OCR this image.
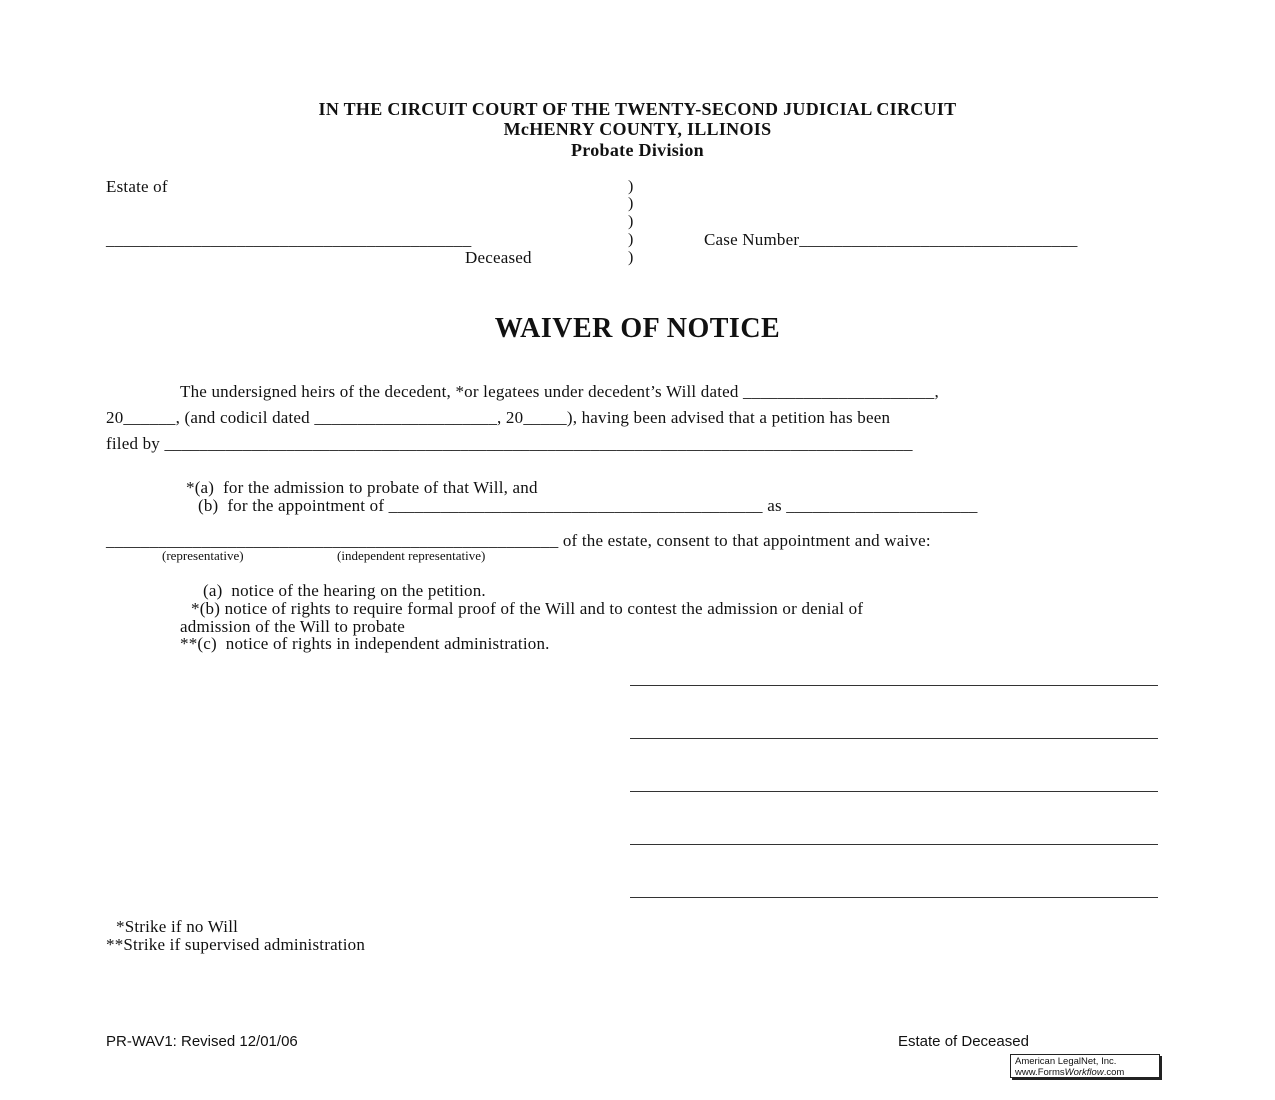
IN THE CIRCUIT COURT OF THE TWENTY-SECOND JUDICIAL CIRCUIT
McHENRY COUNTY, ILLINOIS
Probate Division
Estate of
__________________________________________
Deceased
)
)
)
)
)
Case Number________________________________
WAIVER OF NOTICE
The undersigned heirs of the decedent, *or legatees under decedent’s Will dated ______________________,
20______, (and codicil dated _____________________, 20_____), having been advised that a petition has been
filed by ______________________________________________________________________________________
*(a)  for the admission to probate of that Will, and
(b)  for the appointment of ___________________________________________ as ______________________
____________________________________________________ of the estate, consent to that appointment and waive:
(representative)	(independent representative)
(a)  notice of the hearing on the petition.
*(b) notice of rights to require formal proof of the Will and to contest the admission or denial of
admission of the Will to probate
**(c)  notice of rights in independent administration.
*Strike if no Will
**Strike if supervised administration
PR-WAV1: Revised 12/01/06	Estate of Deceased
American LegalNet, Inc.
www.FormsWorkflow.com
